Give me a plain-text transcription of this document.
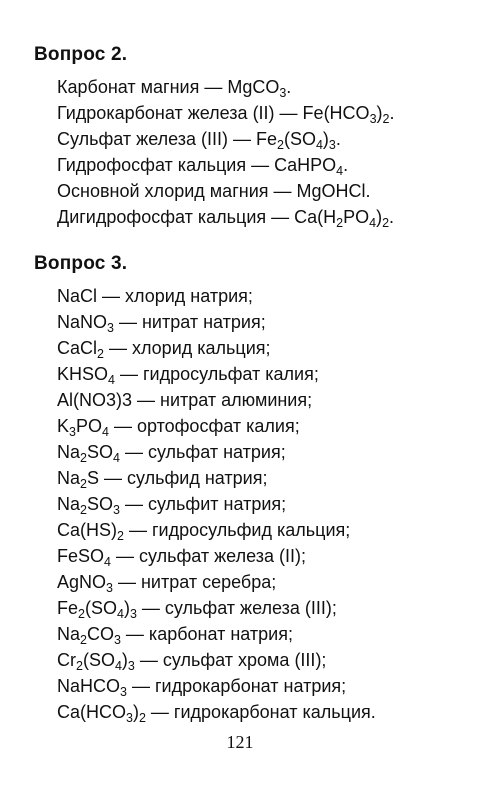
Вопрос 2.
Карбонат магния — MgCO$_3$.
Гидрокарбонат железа (II) — $Fe(HCO_3)_2$.
Сульфат железа (III) — $Fe_2(SO_4)_3$.
Гидрофосфат кальция — CaHPO$_4$.
Основной хлорид магния — MgOHCl.
Дигидрофосфат кальция — $Ca(H_2PO_4)_2$.
Вопрос 3.
NaCl — хлорид натрия;
NaNO$_3$ — нитрат натрия;
CaCl$_2$ — хлорид кальция;
$KHSO_4$ — гидросульфат калия;
Al(NO3)3 — нитрат алюминия;
$K_3PO_4$ — ортофосфат калия;
$Na_2SO_4$ — сульфат натрия;
$Na_2S$ — сульфид натрия;
$Na_2SO_3$ — сульфит натрия;
$Ca(HS)_2$ — гидросульфид кальция;
FeSO$_4$ — сульфат железа (II);
AgNO$_3$ — нитрат серебра;
$Fe_2(SO_4)_3$ — сульфат железа (III);
$Na_2CO_3$ — карбонат натрия;
$Cr_2(SO_4)_3$ — сульфат хрома (III);
NaHCO$_3$ — гидрокарбонат натрия;
$Ca(HCO_3)_2$ — гидрокарбонат кальция.
121
